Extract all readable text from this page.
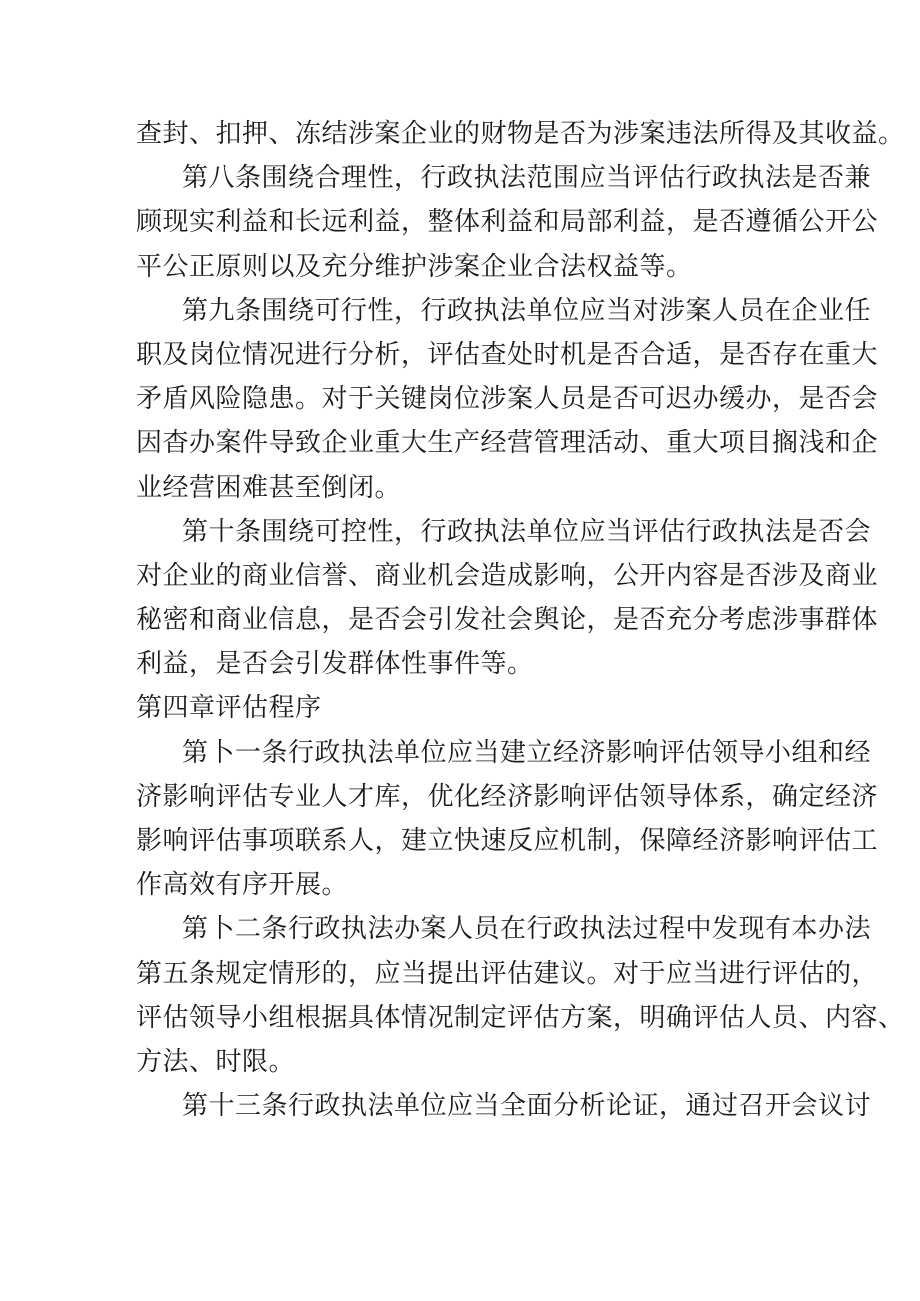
查封、扣押、冻结涉案企业的财物是否为涉案违法所得及其收益。
第八条围绕合理性，行政执法范围应当评估行政执法是否兼
顾现实利益和长远利益，整体利益和局部利益，是否遵循公开公
平公正原则以及充分维护涉案企业合法权益等。
第九条围绕可行性，行政执法单位应当对涉案人员在企业任
职及岗位情况进行分析，评估查处时机是否合适，是否存在重大
矛盾风险隐患。对于关键岗位涉案人员是否可迟办缓办，是否会
因杳办案件导致企业重大生产经营管理活动、重大项目搁浅和企
业经营困难甚至倒闭。
第十条围绕可控性，行政执法单位应当评估行政执法是否会
对企业的商业信誉、商业机会造成影响，公开内容是否涉及商业
秘密和商业信息，是否会引发社会舆论，是否充分考虑涉事群体
利益，是否会引发群体性事件等。
第四章评估程序
第卜一条行政执法单位应当建立经济影响评估领导小组和经
济影响评估专业人才库，优化经济影响评估领导体系，确定经济
影响评估事项联系人，建立快速反应机制，保障经济影响评估工
作高效有序开展。
第卜二条行政执法办案人员在行政执法过程中发现有本办法
第五条规定情形的，应当提出评估建议。对于应当进行评估的，
评估领导小组根据具体情况制定评估方案，明确评估人员、内容、
方法、时限。
第十三条行政执法单位应当全面分析论证，通过召开会议讨
